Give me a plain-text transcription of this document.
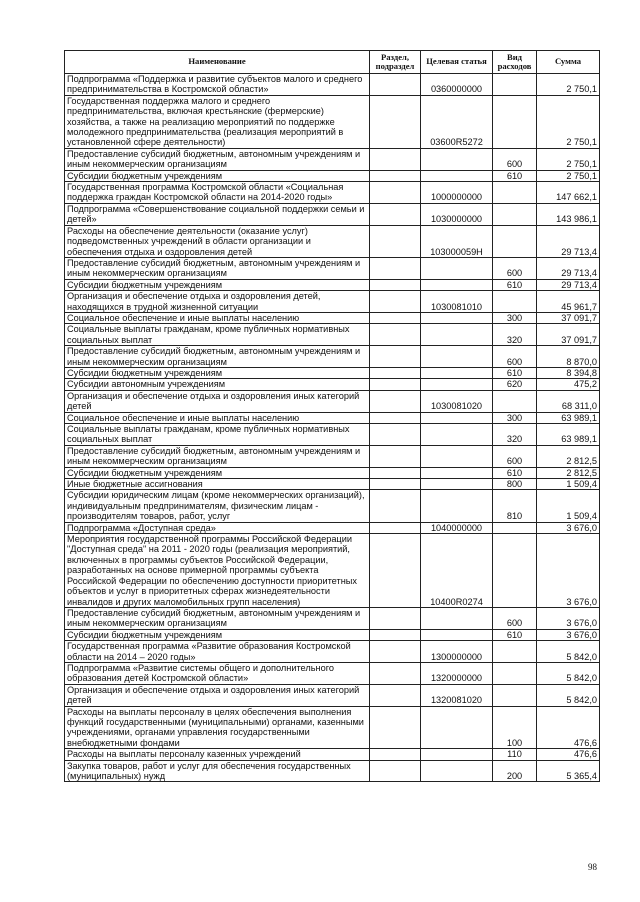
Наименование	Раздел, подраздел	Целевая статья	Вид расходов	Сумма
Подпрограмма «Поддержка и развитие субъектов малого и среднего предпринимательства в Костромской области»		0360000000		2 750,1
Государственная поддержка малого и среднего предпринимательства, включая крестьянские (фермерские) хозяйства, а также на реализацию мероприятий по поддержке молодежного предпринимательства (реализация мероприятий в установленной сфере деятельности)		03600R5272		2 750,1
Предоставление субсидий бюджетным, автономным учреждениям и иным некоммерческим организациям			600	2 750,1
Субсидии бюджетным учреждениям			610	2 750,1
Государственная программа Костромской области «Социальная поддержка граждан Костромской области на 2014-2020 годы»		1000000000		147 662,1
Подпрограмма «Совершенствование социальной поддержки семьи и детей»		1030000000		143 986,1
Расходы на обеспечение деятельности (оказание услуг) подведомственных учреждений в области организации и обеспечения отдыха и оздоровления детей		103000059H		29 713,4
Предоставление субсидий бюджетным, автономным учреждениям и иным некоммерческим организациям			600	29 713,4
Субсидии бюджетным учреждениям			610	29 713,4
Организация и обеспечение отдыха и оздоровления детей, находящихся в трудной жизненной ситуации		1030081010		45 961,7
Социальное обеспечение и иные выплаты населению			300	37 091,7
Социальные выплаты гражданам, кроме публичных нормативных социальных выплат			320	37 091,7
Предоставление субсидий бюджетным, автономным учреждениям и иным некоммерческим организациям			600	8 870,0
Субсидии бюджетным учреждениям			610	8 394,8
Субсидии автономным учреждениям			620	475,2
Организация и обеспечение отдыха и оздоровления иных категорий детей		1030081020		68 311,0
Социальное обеспечение и иные выплаты населению			300	63 989,1
Социальные выплаты гражданам, кроме публичных нормативных социальных выплат			320	63 989,1
Предоставление субсидий бюджетным, автономным учреждениям и иным некоммерческим организациям			600	2 812,5
Субсидии бюджетным учреждениям			610	2 812,5
Иные бюджетные ассигнования			800	1 509,4
Субсидии юридическим лицам (кроме некоммерческих организаций), индивидуальным предпринимателям, физическим лицам - производителям товаров, работ, услуг			810	1 509,4
Подпрограмма «Доступная среда»		1040000000		3 676,0
Мероприятия государственной программы Российской Федерации "Доступная среда" на 2011 - 2020 годы (реализация мероприятий, включенных в программы субъектов Российской Федерации, разработанных на основе примерной программы субъекта Российской Федерации по обеспечению доступности приоритетных объектов и услуг в приоритетных сферах жизнедеятельности инвалидов и других маломобильных групп населения)		10400R0274		3 676,0
Предоставление субсидий бюджетным, автономным учреждениям и иным некоммерческим организациям			600	3 676,0
Субсидии бюджетным учреждениям			610	3 676,0
Государственная программа «Развитие образования Костромской области на 2014 – 2020 годы»		1300000000		5 842,0
Подпрограмма «Развитие системы общего и дополнительного образования детей Костромской области»		1320000000		5 842,0
Организация и обеспечение отдыха и оздоровления иных категорий детей		1320081020		5 842,0
Расходы на выплаты персоналу в целях обеспечения выполнения функций государственными (муниципальными) органами, казенными учреждениями, органами управления государственными внебюджетными фондами			100	476,6
Расходы на выплаты персоналу казенных учреждений			110	476,6
Закупка товаров, работ и услуг для обеспечения государственных (муниципальных) нужд			200	5 365,4
98
